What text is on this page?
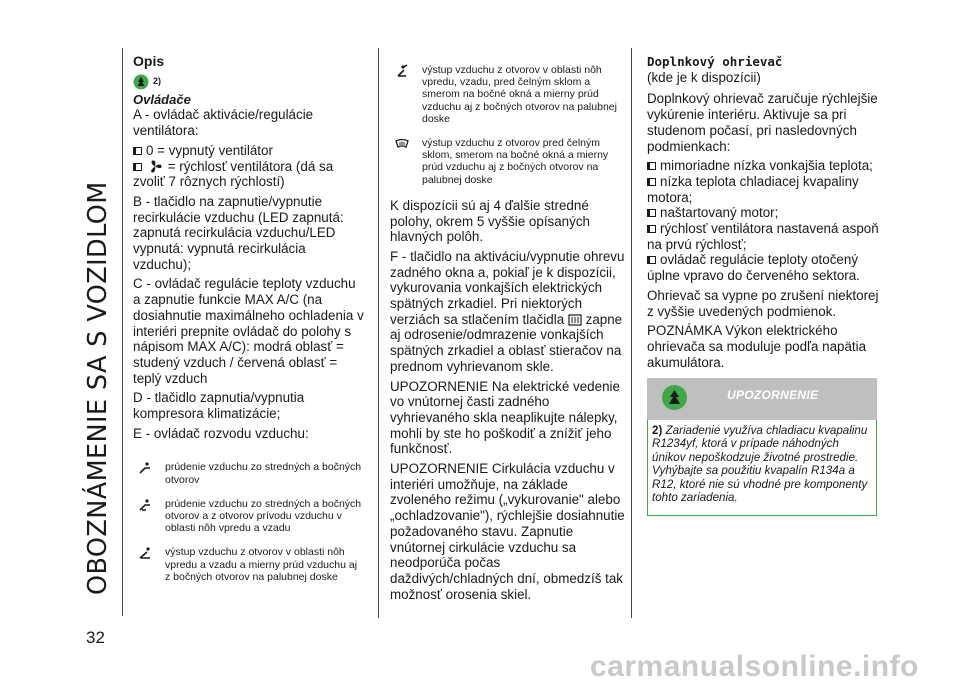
OBOZNÁMENIE SA S VOZIDLOM
32
carmanualsonline.info
Opis
2)
Ovládače

A - ovládač aktivácie/regulácie ventilátora:

0 = vypnutý ventilátor
= rýchlosť ventilátora (dá sa zvoliť 7 rôznych rýchlostí)

B - tlačidlo na zapnutie/vypnutie recirkulácie vzduchu (LED zapnutá: zapnutá recirkulácia vzduchu/LED vypnutá: vypnutá recirkulácia vzduchu);

C - ovládač regulácie teploty vzduchu a zapnutie funkcie MAX A/C (na dosiahnutie maximálneho ochladenia v interiéri prepnite ovládač do polohy s nápisom MAX A/C): modrá oblasť = studený vzduch / červená oblasť = teplý vzduch

D - tlačidlo zapnutia/vypnutia kompresora klimatizácie;

E - ovládač rozvodu vzduchu:

prúdenie vzduchu zo stredných a bočných otvorov
prúdenie vzduchu zo stredných a bočných otvorov a z otvorov prívodu vzduchu v oblasti nôh vpredu a vzadu
výstup vzduchu z otvorov v oblasti nôh vpredu a vzadu a mierny prúd vzduchu aj z bočných otvorov na palubnej doske
výstup vzduchu z otvorov v oblasti nôh vpredu, vzadu, pred čelným sklom a smerom na bočné okná a mierny prúd vzduchu aj z bočných otvorov na palubnej doske
výstup vzduchu z otvorov pred čelným sklom, smerom na bočné okná a mierny prúd vzduchu aj z bočných otvorov na palubnej doske

K dispozícii sú aj 4 ďalšie stredné polohy, okrem 5 vyššie opísaných hlavných polôh.

F - tlačidlo na aktiváciu/vypnutie ohrevu zadného okna a, pokiaľ je k dispozícii, vykurovania vonkajších elektrických spätných zrkadiel. Pri niektorých verziách sa stlačením tlačidla zapne aj odrosenie/odmrazenie vonkajších spätných zrkadiel a oblasť stieračov na prednom vyhrievanom skle.

UPOZORNENIE Na elektrické vedenie vo vnútornej časti zadného vyhrievaného skla neaplikujte nálepky, mohli by ste ho poškodiť a znížiť jeho funkčnosť.

UPOZORNENIE Cirkulácia vzduchu v interiéri umožňuje, na základe zvoleného režimu („vykurovanie" alebo „ochladzovanie"), rýchlejšie dosiahnutie požadovaného stavu. Zapnutie vnútornej cirkulácie vzduchu sa neodporúča počas daždivých/chladných dní, obmedzíš tak možnosť orosenia skiel.

Doplnkový ohrievač

(kde je k dispozícii)

Doplnkový ohrievač zaručuje rýchlejšie vykúrenie interiéru. Aktivuje sa pri studenom počasí, pri nasledovných podmienkach:

mimoriadne nízka vonkajšia teplota;
nízka teplota chladiacej kvapaliny motora;
naštartovaný motor;
rýchlosť ventilátora nastavená aspoň na prvú rýchlosť;
ovládač regulácie teploty otočený úplne vpravo do červeného sektora.

Ohrievač sa vypne po zrušení niektorej z vyššie uvedených podmienok.

POZNÁMKA Výkon elektrického ohrievača sa moduluje podľa napätia akumulátora.

UPOZORNENIE
2) Zariadenie využíva chladiacu kvapalinu R1234yf, ktorá v prípade náhodných únikov nepoškodzuje životné prostredie. Vyhýbajte sa použitiu kvapalín R134a a R12, ktoré nie sú vhodné pre komponenty tohto zariadenia.
